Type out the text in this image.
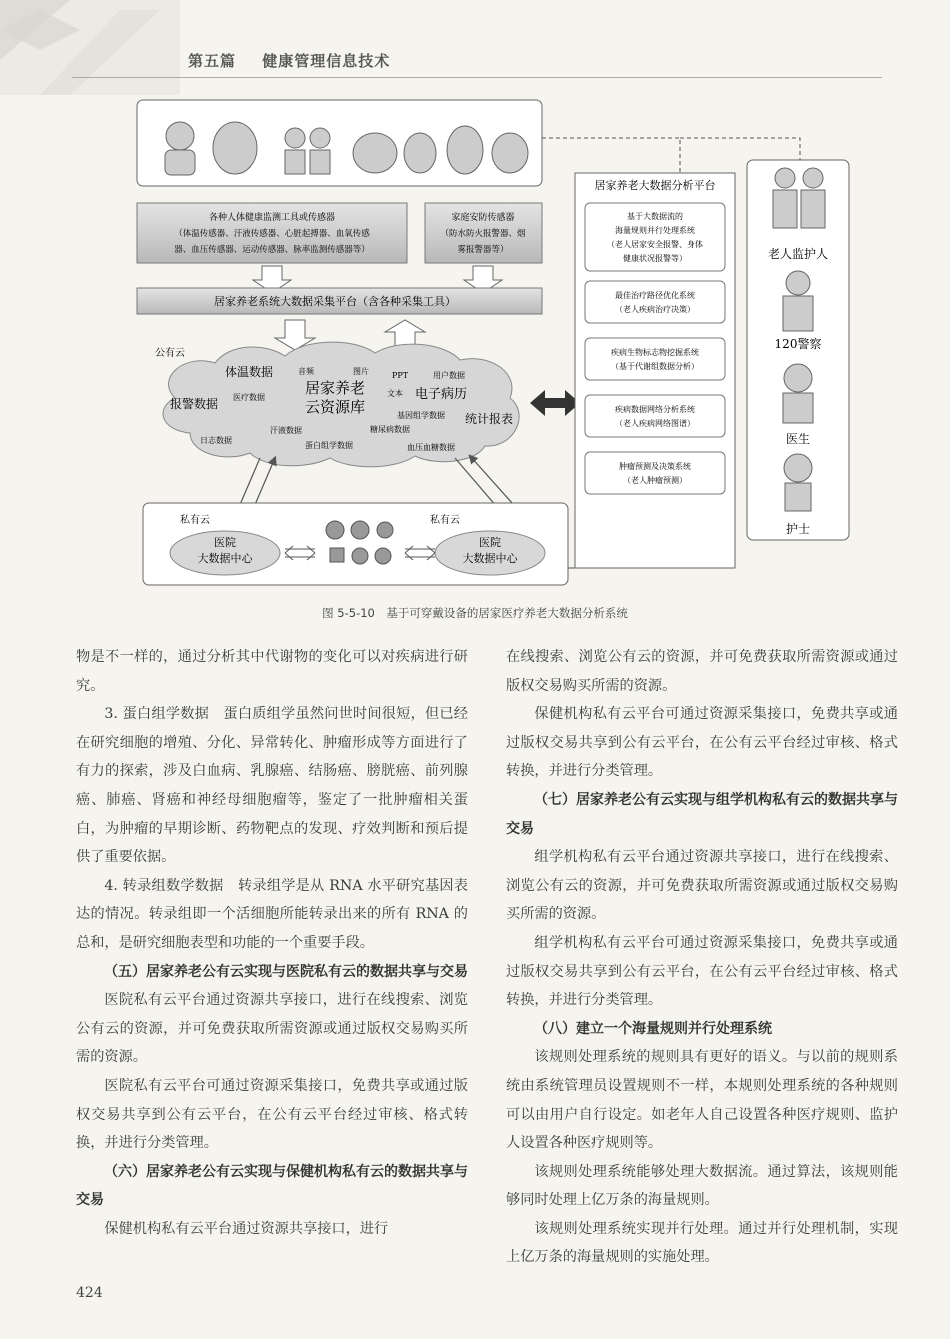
第五篇 健康管理信息技术
各种人体健康监测工具或传感器
（体温传感器、汗液传感器、心脏起搏器、血氧传感
器、血压传感器、运动传感器、脉率监测传感器等）
家庭安防传感器
（防水防火报警器、烟
雾报警器等）
居家养老系统大数据采集平台（含各种采集工具）
公有云
体温数据	音频	图片	PPT	用户数据
报警数据 医疗数据
居家养老
云资源库
文本 电子病历
基因组学数据 统计报表
日志数据
汗液数据	糖尿病数据
蛋白组学数据	血压血糖数据
私有云	私有云
医院
大数据中心
医院
大数据中心
居家养老大数据分析平台
基于大数据流的
海量规则并行处理系统
（老人居家安全报警、身体
健康状况报警等）
最佳治疗路径优化系统
（老人疾病治疗决策）
疾病生物标志物挖掘系统
（基于代谢组数据分析）
疾病数据网络分析系统
（老人疾病网络图谱）
肿瘤预测及决策系统
（老人肿瘤预测）
老人监护人
120警察
医生
护士
图 5-5-10　基于可穿戴设备的居家医疗养老大数据分析系统

物是不一样的，通过分析其中代谢物的变化可以对疾病进行研究。

3. 蛋白组学数据　蛋白质组学虽然问世时间很短，但已经在研究细胞的增殖、分化、异常转化、肿瘤形成等方面进行了有力的探索，涉及白血病、乳腺癌、结肠癌、膀胱癌、前列腺癌、肺癌、肾癌和神经母细胞瘤等，鉴定了一批肿瘤相关蛋白，为肿瘤的早期诊断、药物靶点的发现、疗效判断和预后提供了重要依据。

4. 转录组数学数据　转录组学是从 RNA 水平研究基因表达的情况。转录组即一个活细胞所能转录出来的所有 RNA 的总和，是研究细胞表型和功能的一个重要手段。

（五）居家养老公有云实现与医院私有云的数据共享与交易

医院私有云平台通过资源共享接口，进行在线搜索、浏览公有云的资源，并可免费获取所需资源或通过版权交易购买所需的资源。

医院私有云平台可通过资源采集接口，免费共享或通过版权交易共享到公有云平台，在公有云平台经过审核、格式转换，并进行分类管理。

（六）居家养老公有云实现与保健机构私有云的数据共享与交易

保健机构私有云平台通过资源共享接口，进行

在线搜索、浏览公有云的资源，并可免费获取所需资源或通过版权交易购买所需的资源。

保健机构私有云平台可通过资源采集接口，免费共享或通过版权交易共享到公有云平台，在公有云平台经过审核、格式转换，并进行分类管理。

（七）居家养老公有云实现与组学机构私有云的数据共享与交易

组学机构私有云平台通过资源共享接口，进行在线搜索、浏览公有云的资源，并可免费获取所需资源或通过版权交易购买所需的资源。

组学机构私有云平台可通过资源采集接口，免费共享或通过版权交易共享到公有云平台，在公有云平台经过审核、格式转换，并进行分类管理。

（八）建立一个海量规则并行处理系统

该规则处理系统的规则具有更好的语义。与以前的规则系统由系统管理员设置规则不一样，本规则处理系统的各种规则可以由用户自行设定。如老年人自己设置各种医疗规则、监护人设置各种医疗规则等。

该规则处理系统能够处理大数据流。通过算法，该规则能够同时处理上亿万条的海量规则。

该规则处理系统实现并行处理。通过并行处理机制，实现上亿万条的海量规则的实施处理。

424
